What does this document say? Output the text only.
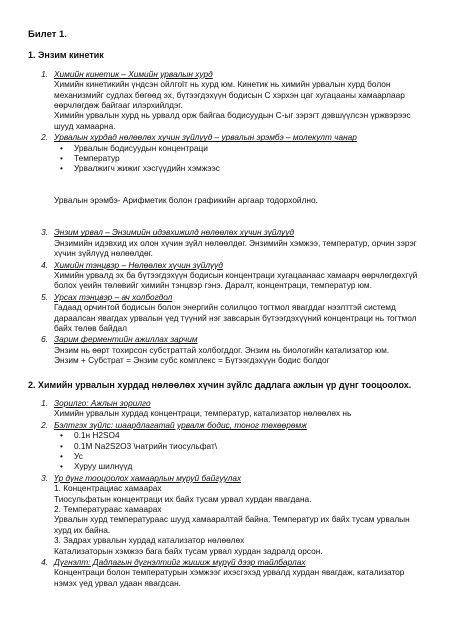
Билет 1.
1. Энзим кинетик
1. Химийн кинетик – Химийн урвалын хурд
Химийн кинетикийн үндсэн ойлгolт нь хурд юм. Кинетик нь химийн урвалын хурд болон
механизмийг судлах бөгөөд эх, бүтээгдэхүүн бодисын С хэрхэн цаг хугацааны хамаарлаар
өөрчлөгдөж байгааг илэрхийлдэг.
Химийн урвалын хурд нь урвалд орж байгаа бодисуудын С-ыг зэрэгт дэвшүүлсэн үржвэрээс
шууд хамаарна.
2. Урвалын хурдад нөлөөлөх хүчин зүйлүүд – урвалын эрэмбэ – молекулт чанар
• Урвалын бодисуудын концентраци
• Температур
• Урвалжигч жижиг хэсгүүдийн хэмжээс
Урвалын эрэмбэ- Арифметик болон графикийн аргаар тодорхойлно.
3. Энзим урвал – Энзимийн идэвхижилд нөлөөлөх хүчин зүйлүүд
Энзимийн идэвхид их олон хүчин зүйл нөлөөлдөг. Энзимийн хэмжээ, температур, орчин зэрэг
хүчин зүйлүүд нөлөөлдөг.
4. Химийн тэнцвэр – Нөлөөлөх хүчин зүйлүүд
Химийн урвалд эх ба бүтээгдэхүүн бодисын концентраци хугацаанаас хамаарч өөрчлөгдөхгүй
болох үеийн төлөвийг химийн тэнцвэр гэнэ. Даралт, концентраци, температур юм.
5. Урсах тэнцвэр – ач холбогдол
Гадаад орчинтой бодисын болон энергийн солилцоо тогтмол явагддаг нээлттэй системд
дараалсан явагдах урвалын үед түүний нэг завсарын бүтээгдэхүүний концентраци нь тогтмол
байх төлөв байдал
6. Зарим ферментийн ажиллах зарчим
Энзим нь өөрт тохирсон субстраттай холбогддог. Энзим нь биологийн катализатор юм.
Энзим + Субстрат = Энзим субс комплекс = Бүтээгдэхүүн бодис болдог
2. Химийн урвалын хурдад нөлөөлөх хүчин зүйлс дадлага ажлын үр дүнг тооцоолох.
1. Зорилго: Ажлын зорилго
Химийн урвалын хурдад концентраци, температур, катализатор нөлөөлөх нь
2. Бэлтгэх зүйлс: шаардлагатай урвалж бодис, тоног төхөөрөмж
• 0.1н H2SO4
• 0.1M Na2S2O3 \натрийн тиосульфат\
• Ус
• Хуруу шилнүүд
3. Үр дүнг тооцоолох хамаарлын муруй байгуулах
1. Концентрациас хамаарах
Тиосульфатын концентраци их байх тусам урвал хурдан явагдана.
2. Температураас хамаарах
Урвалын хурд температураас шууд хамааралтай байна. Температур их байх тусам урвалын
хурд их байна.
3. Задрах урвалын хурдад катализатор нөлөөлөх
Катализаторын хэмжээ бага байх тусам урвал хурдан задралд орсон.
4. Дүгнэлт: Дадлагын дүгнэлтийг жишиж мурүй дээр тайлбарлах
Концентраци болон температурын хэмжээг ихэсгэхэд урвалд хурдан явагдаж, катализатор
нэмэх үед урвал удаан явагдсан.
